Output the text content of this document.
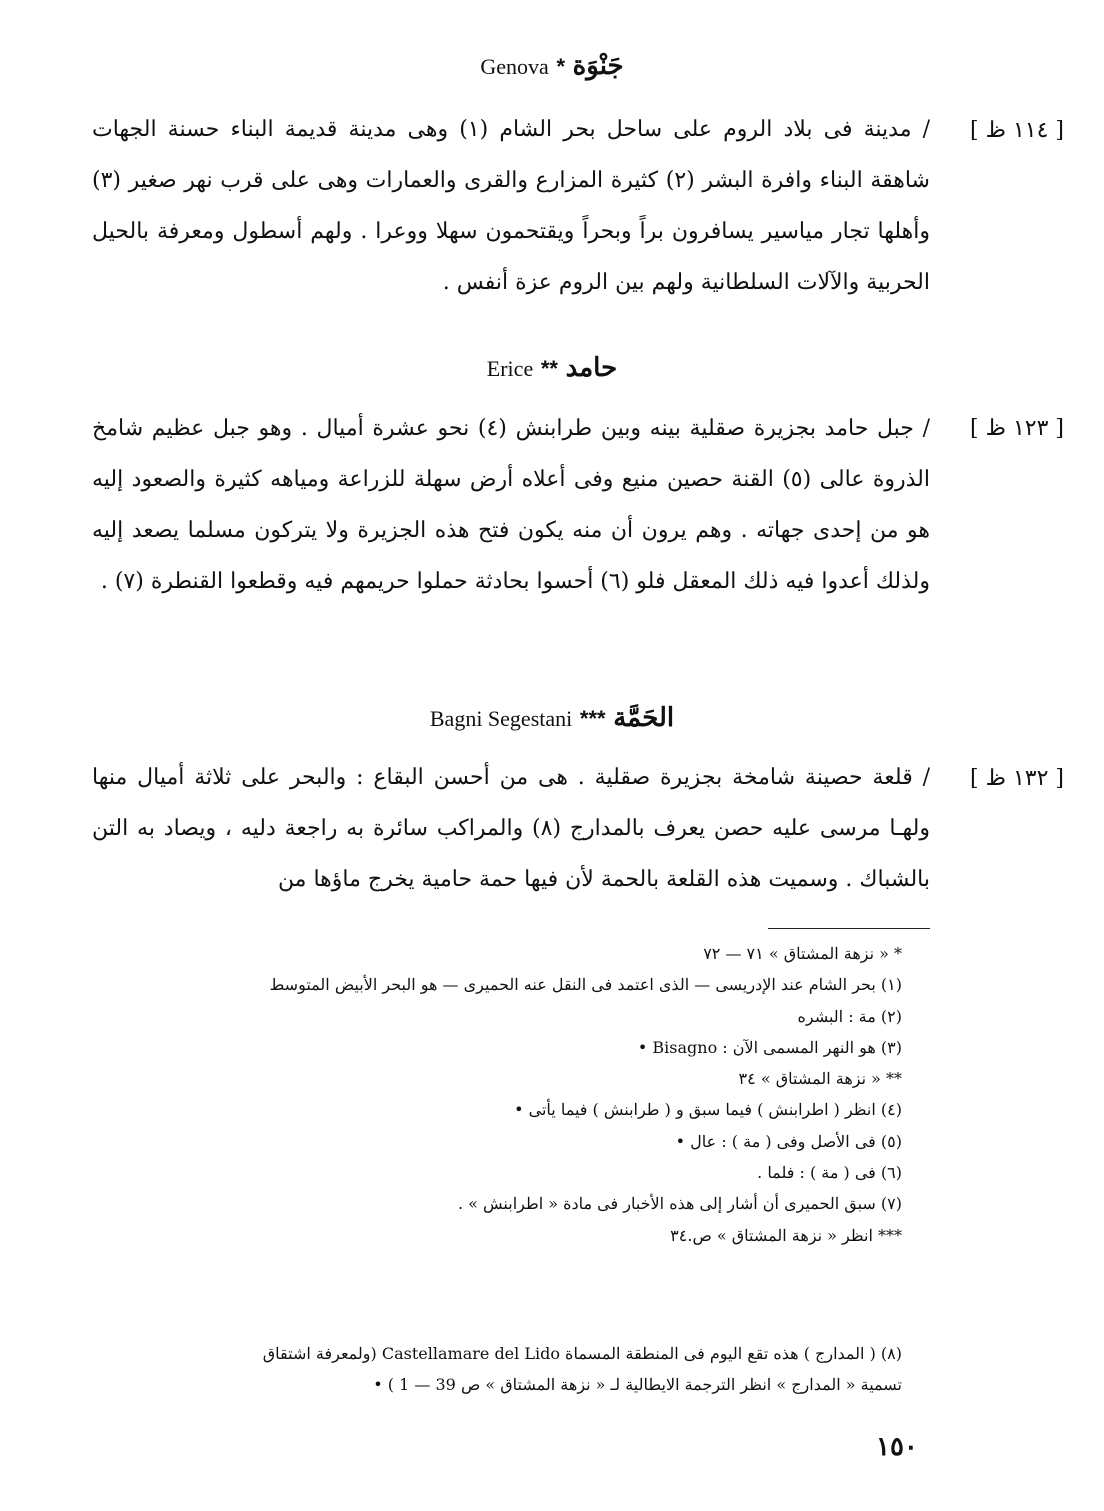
Genova * جَنْوَة
[ ١١٤ ظ ]
/ مدينة فى بلاد الروم على ساحل بحر الشام (١) وهى مدينة قديمة البناء حسنة الجهات شاهقة البناء وافرة البشر (٢) كثيرة المزارع والقرى والعمارات وهى على قرب نهر صغير (٣) وأهلها تجار مياسير يسافرون براً وبحراً ويقتحمون سهلا ووعرا . ولهم أسطول ومعرفة بالحيل الحربية والآلات السلطانية ولهم بين الروم عزة أنفس .
Erice ** حامد
[ ١٢٣ ظ ]
/ جبل حامد بجزيرة صقلية بينه وبين طرابنش (٤) نحو عشرة أميال . وهو جبل عظيم شامخ الذروة عالى (٥) القنة حصين منيع وفى أعلاه أرض سهلة للزراعة ومياهه كثيرة والصعود إليه هو من إحدى جهاته . وهم يرون أن منه يكون فتح هذه الجزيرة ولا يتركون مسلما يصعد إليه ولذلك أعدوا فيه ذلك المعقل فلو (٦) أحسوا بحادثة حملوا حريمهم فيه وقطعوا القنطرة (٧) .
Bagni Segestani *** الحَمَّة
[ ١٣٢ ظ ]
/ قلعة حصينة شامخة بجزيرة صقلية . هى من أحسن البقاع : والبحر على ثلاثة أميال منها ولهـا مرسى عليه حصن يعرف بالمدارج (٨) والمراكب سائرة به راجعة دليه ، ويصاد به التن بالشباك . وسميت هذه القلعة بالحمة لأن فيها حمة حامية يخرج ماؤها من
* « نزهة المشتاق » ٧١ — ٧٢
(١) بحر الشام عند الإدريسى — الذى اعتمد فى النقل عنه الحميرى — هو البحر الأبيض المتوسط
(٢) مة : البشره
(٣) هو النهر المسمى الآن : Bisagno •
** « نزهة المشتاق » ٣٤
(٤) انظر ( اطرابنش ) فيما سبق و ( طرابنش ) فيما يأتى •
(٥) فى الأصل وفى ( مة ) : عال •
(٦) فى ( مة ) : فلما .
(٧) سبق الحميرى أن أشار إلى هذه الأخبار فى مادة « اطرابنش » .
*** انظر « نزهة المشتاق » ص.٣٤
(٨) ( المدارج ) هذه تقع اليوم فى المنطقة المسماة Castellamare del Lido (ولمعرفة اشتقاق
تسمية « المدارج » انظر الترجمة الايطالية لـ « نزهة المشتاق » ص 39 — 1 ) •
١٥٠
